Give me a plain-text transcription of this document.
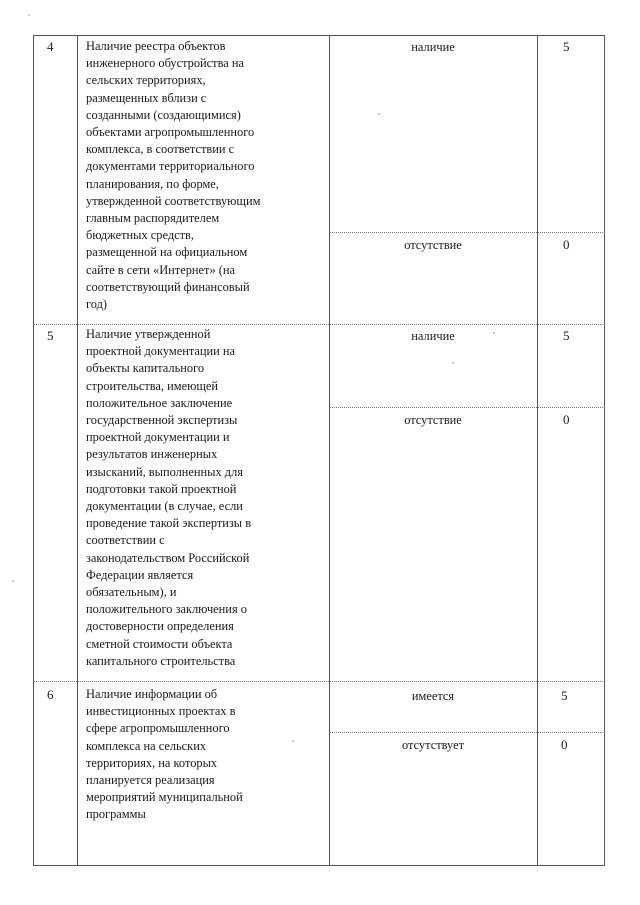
4	Наличие реестра объектов
инженерного обустройства на
сельских территориях,
размещенных вблизи с
созданными (создающимися)
объектами агропромышленного
комплекса, в соответствии с
документами территориального
планирования, по форме,
утвержденной соответствующим
главным распорядителем
бюджетных средств,
размещенной на официальном
сайте в сети «Интернет» (на
соответствующий финансовый
год)
наличие	5
отсутствие	0
5	Наличие утвержденной
проектной документации на
объекты капитального
строительства, имеющей
положительное заключение
государственной экспертизы
проектной документации и
результатов инженерных
изысканий, выполненных для
подготовки такой проектной
документации (в случае, если
проведение такой экспертизы в
соответствии с
законодательством Российской
Федерации является
обязательным), и
положительного заключения о
достоверности определения
сметной стоимости объекта
капитального строительства
наличие	5
отсутствие	0
6	Наличие информации об
инвестиционных проектах в
сфере агропромышленного
комплекса на сельских
территориях, на которых
планируется реализация
мероприятий муниципальной
программы
имеется	5
отсутствует	0
